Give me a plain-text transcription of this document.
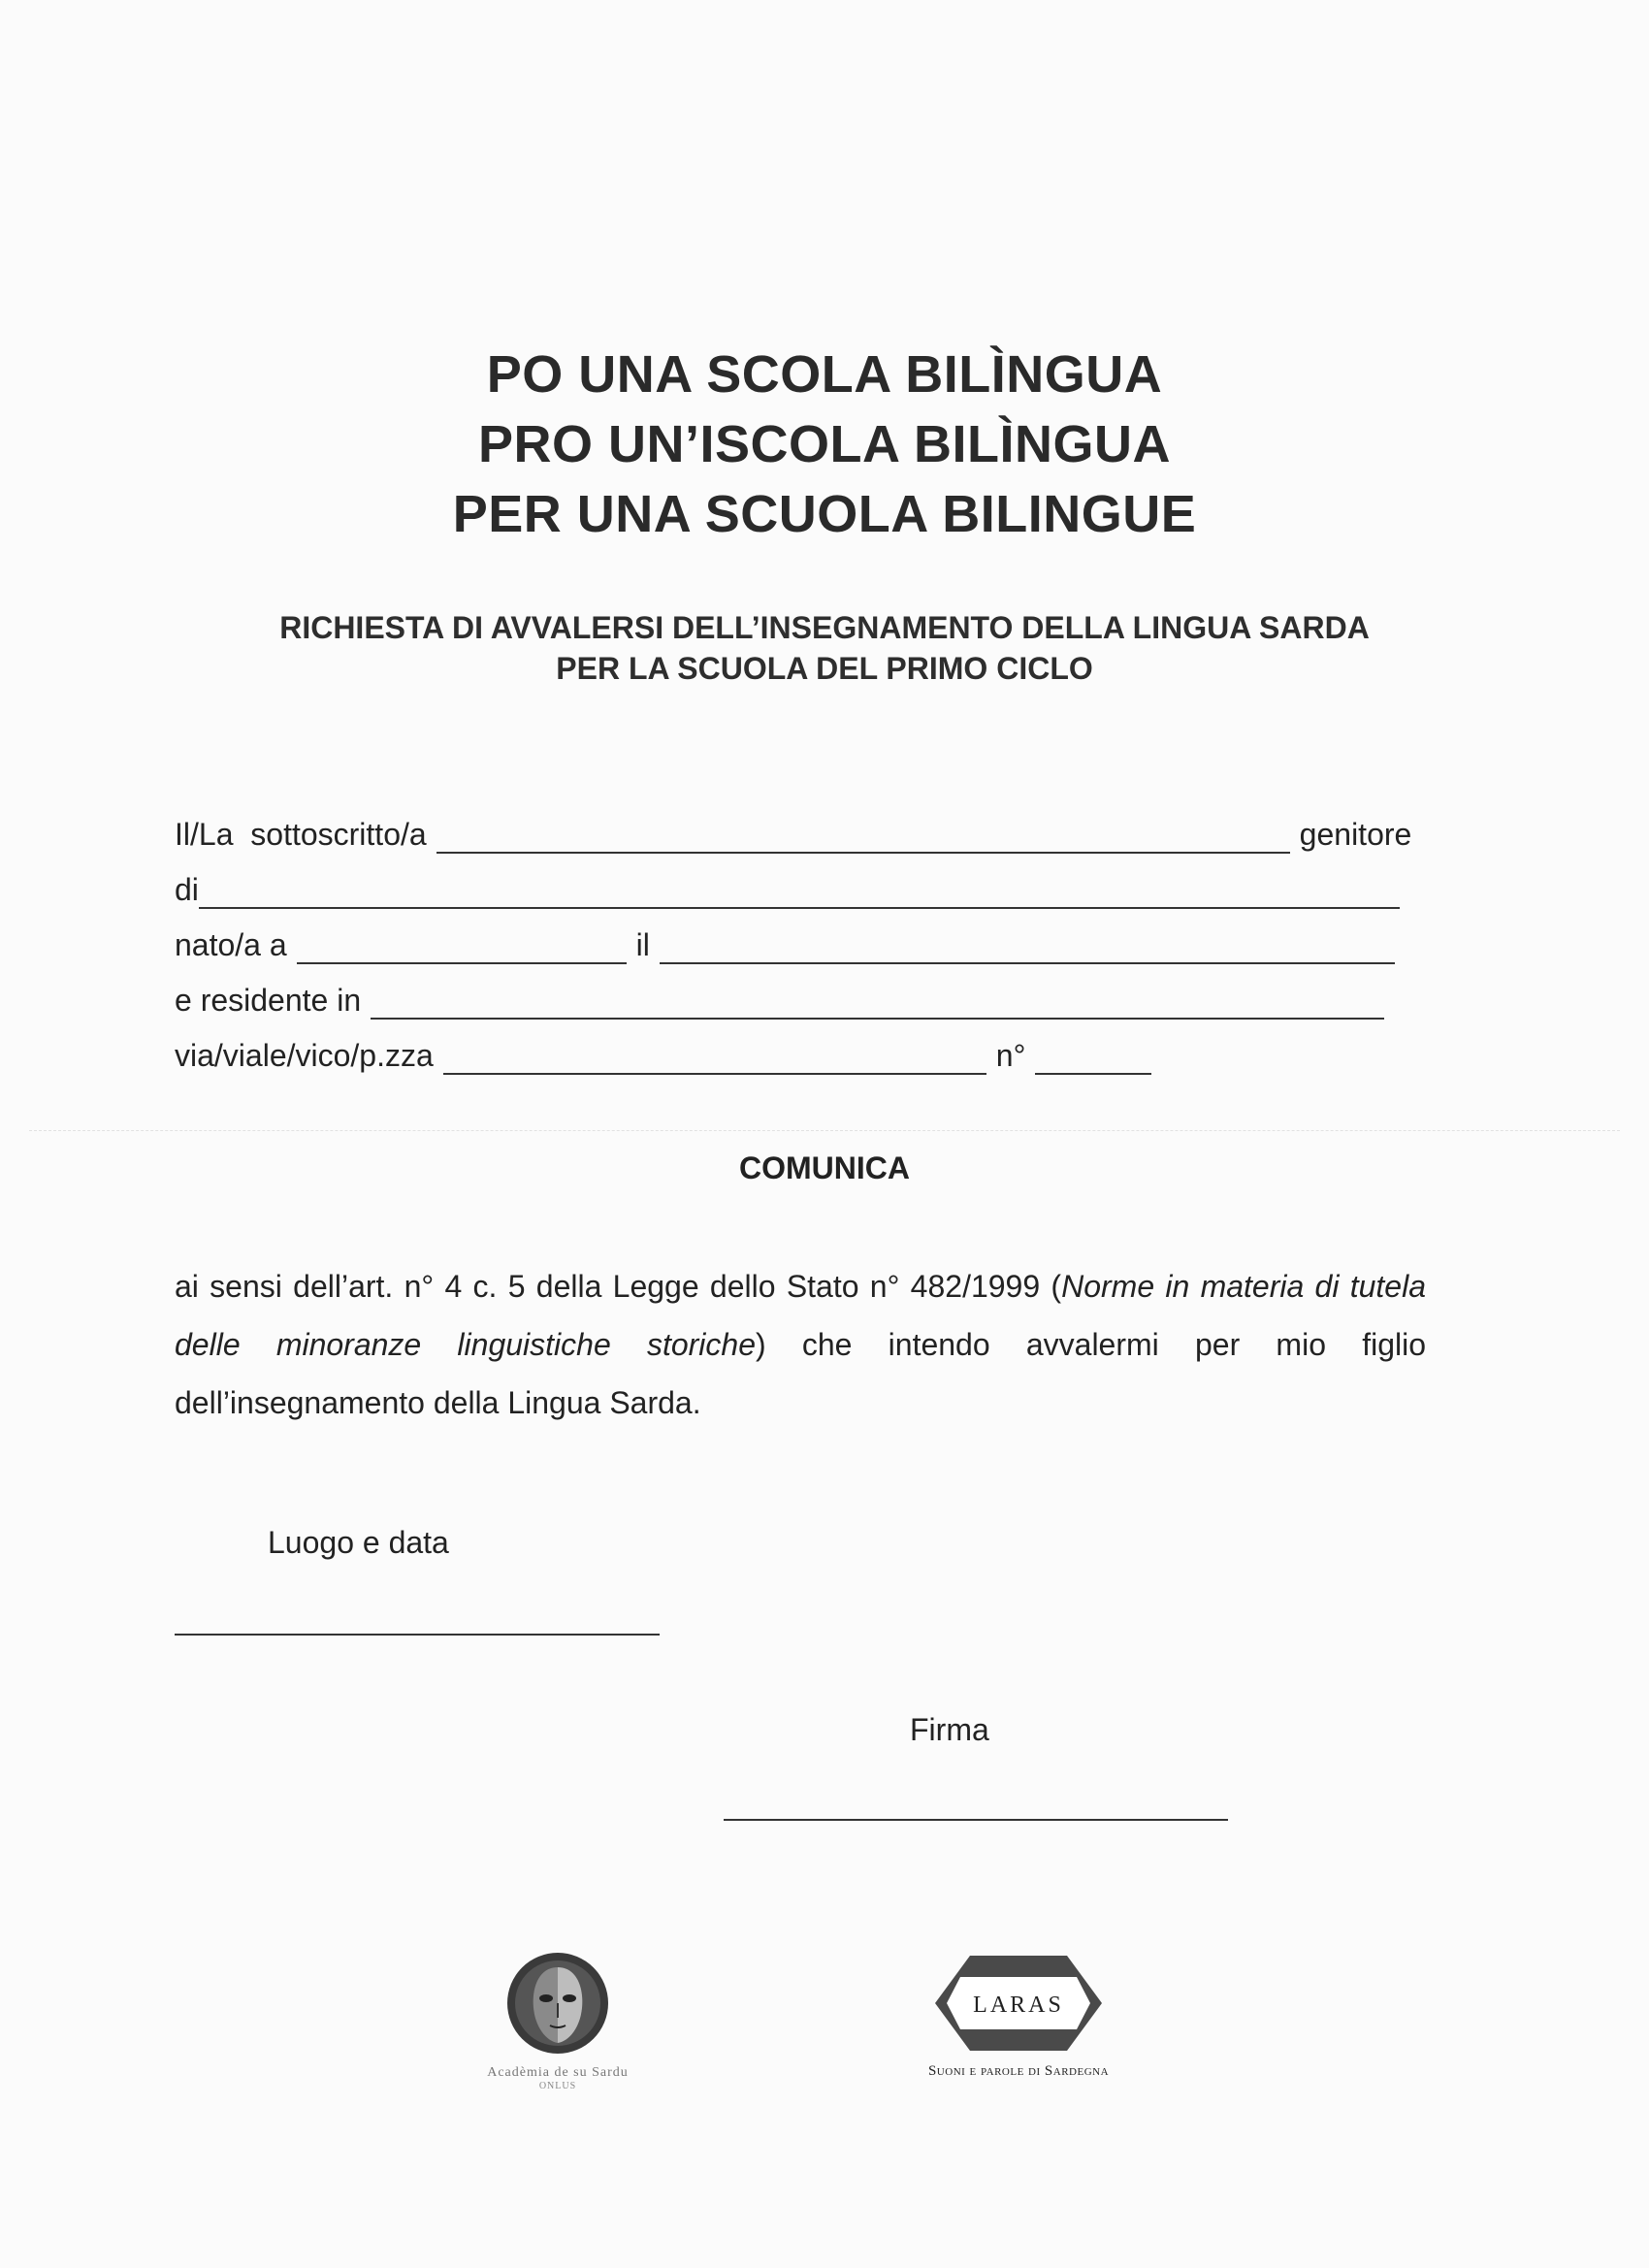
PO UNA SCOLA BILÌNGUA
PRO UN’ISCOLA BILÌNGUA
PER UNA SCUOLA BILINGUE
RICHIESTA DI AVVALERSI DELL’INSEGNAMENTO DELLA LINGUA SARDA
PER LA SCUOLA DEL PRIMO CICLO
Il/La  sottoscritto/a	genitore
di
nato/a a	il
e residente in
via/viale/vico/p.zza	n°
COMUNICA
ai sensi dell’art. n° 4 c. 5 della Legge dello Stato n° 482/1999 (Norme in materia di tutela delle minoranze linguistiche storiche) che intendo avvalermi per mio figlio dell’insegnamento della Lingua Sarda.
Luogo e data
Firma
Acadèmia de su Sardu
ONLUS
LARAS
Suoni e parole di Sardegna
